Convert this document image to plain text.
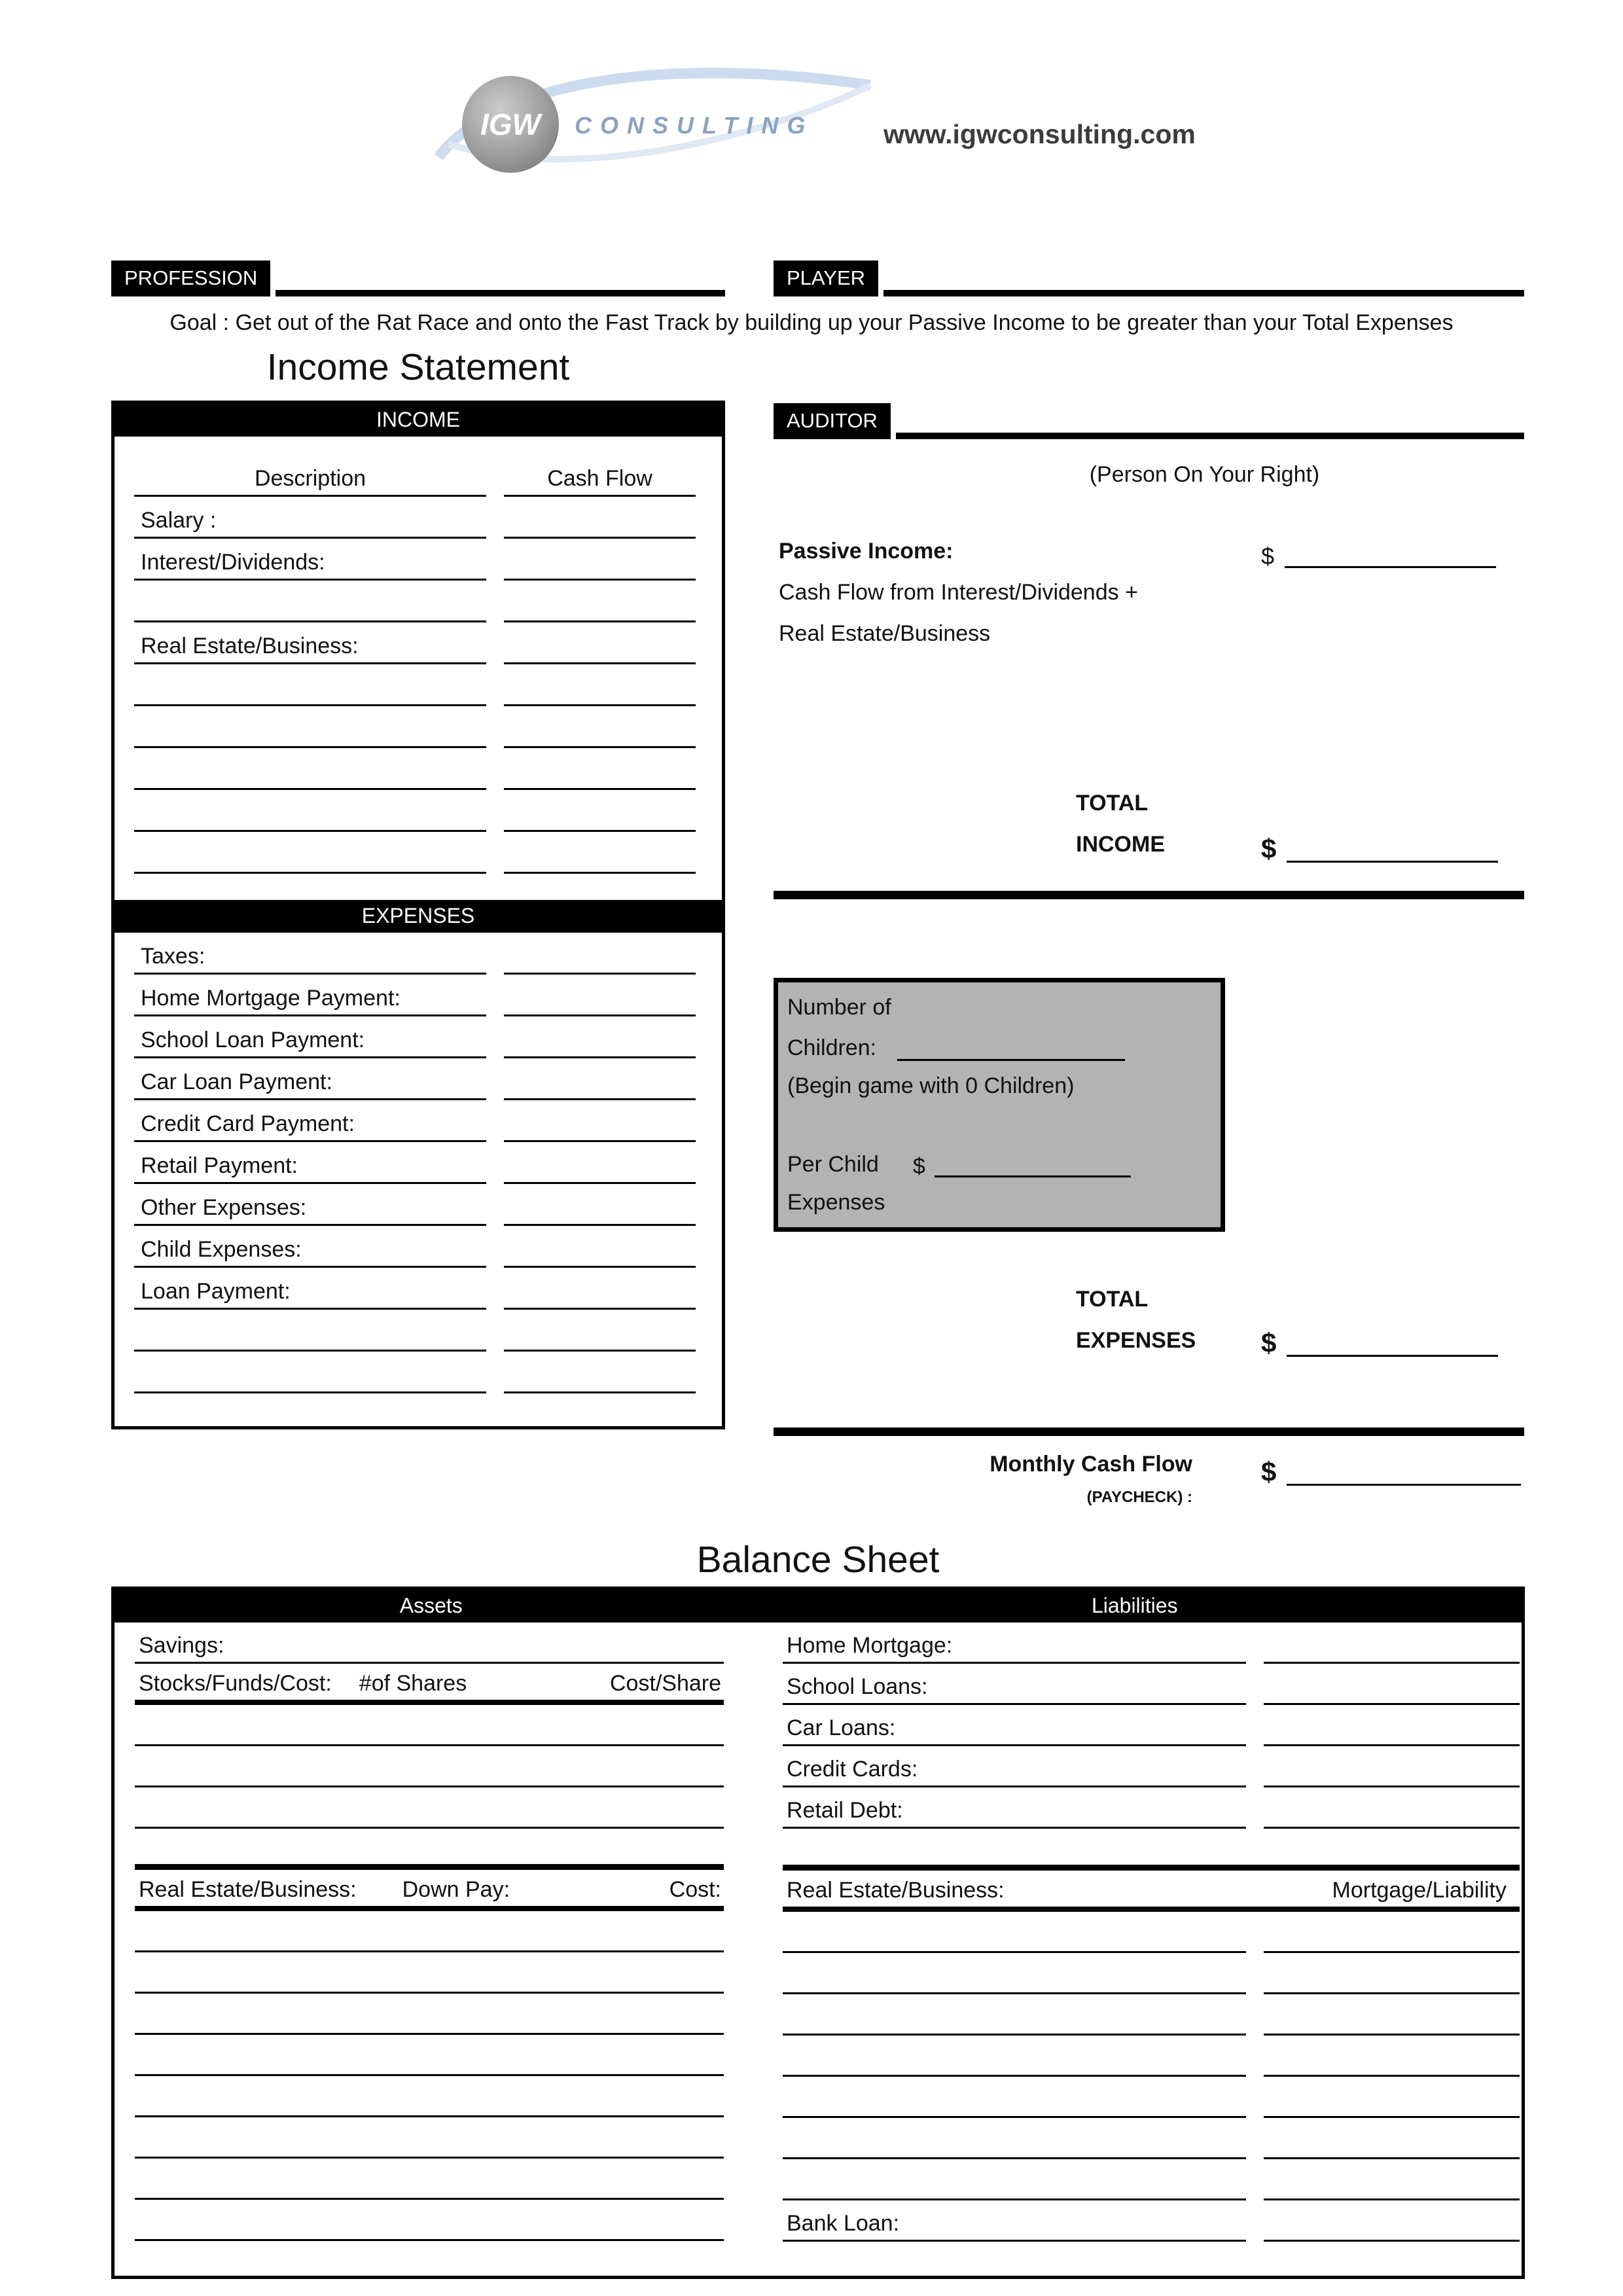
IGW CONSULTING	www.igwconsulting.com
PROFESSION	PLAYER
Goal : Get out of the Rat Race and onto the Fast Track by building up your Passive Income to be greater than your Total Expenses
Income Statement
INCOME
Description	Cash Flow
Salary :
Interest/Dividends:
Real Estate/Business:
EXPENSES
Taxes:
Home Mortgage Payment:
School Loan Payment:
Car Loan Payment:
Credit Card Payment:
Retail Payment:
Other Expenses:
Child Expenses:
Loan Payment:
AUDITOR
(Person On Your Right)
Passive Income:	$
Cash Flow from Interest/Dividends +
Real Estate/Business
TOTAL
INCOME	$
Number of
Children:
(Begin game with 0 Children)
Per Child $
Expenses
TOTAL
EXPENSES $
Monthly Cash Flow
(PAYCHECK) :
$
Balance Sheet
Assets	Liabilities
Savings:
Stocks/Funds/Cost: #of Shares	Cost/Share
Real Estate/Business: Down Pay:	Cost:
Home Mortgage:
School Loans:
Car Loans:
Credit Cards:
Retail Debt:
Real Estate/Business:	Mortgage/Liability
Bank Loan:
